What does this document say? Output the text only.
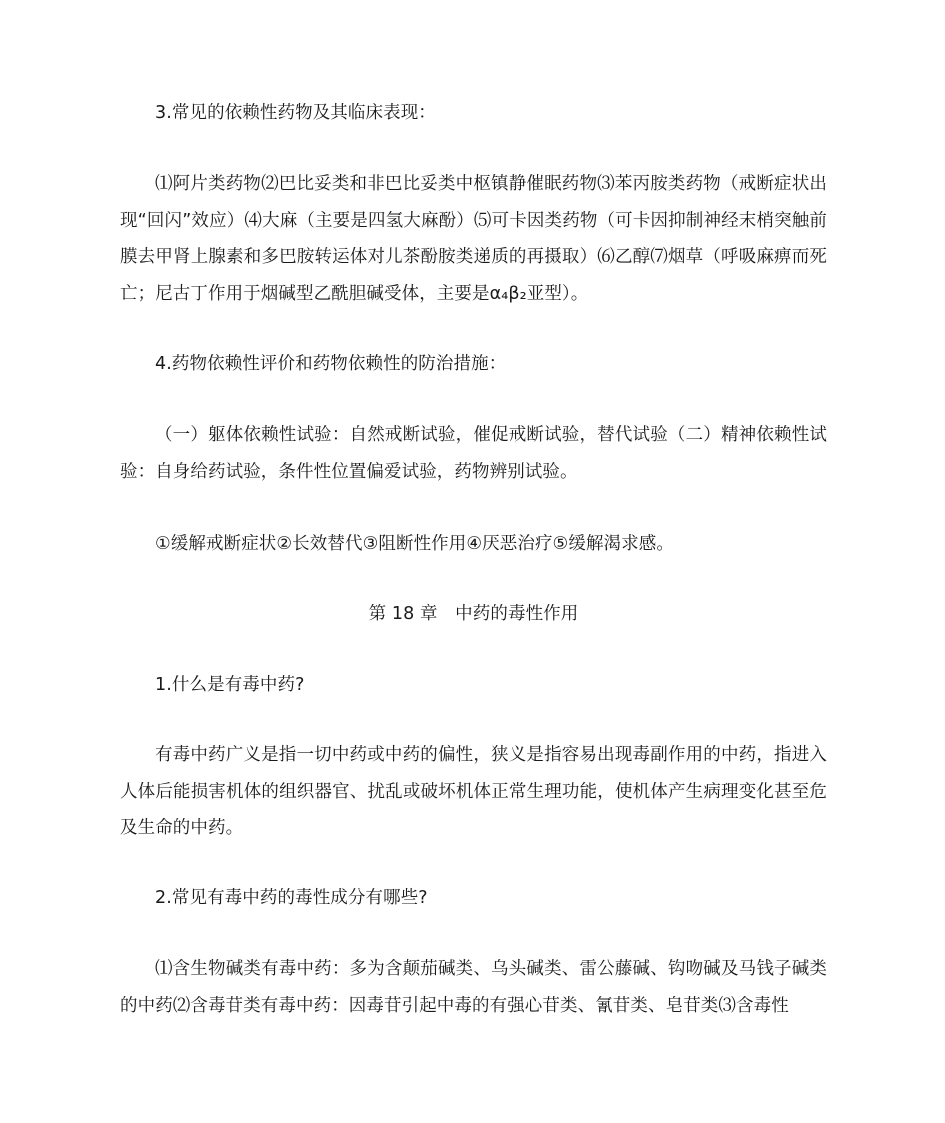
3.常见的依赖性药物及其临床表现：

⑴阿片类药物⑵巴比妥类和非巴比妥类中枢镇静催眠药物⑶苯丙胺类药物（戒断症状出现“回闪”效应）⑷大麻（主要是四氢大麻酚）⑸可卡因类药物（可卡因抑制神经末梢突触前膜去甲肾上腺素和多巴胺转运体对儿茶酚胺类递质的再摄取）⑹乙醇⑺烟草（呼吸麻痹而死亡；尼古丁作用于烟碱型乙酰胆碱受体，主要是α₄β₂亚型）。

4.药物依赖性评价和药物依赖性的防治措施：

（一）躯体依赖性试验：自然戒断试验，催促戒断试验，替代试验（二）精神依赖性试验：自身给药试验，条件性位置偏爱试验，药物辨别试验。

①缓解戒断症状②长效替代③阻断性作用④厌恶治疗⑤缓解渴求感。

第 18 章　中药的毒性作用

1.什么是有毒中药?

有毒中药广义是指一切中药或中药的偏性，狭义是指容易出现毒副作用的中药，指进入人体后能损害机体的组织器官、扰乱或破坏机体正常生理功能，使机体产生病理变化甚至危及生命的中药。

2.常见有毒中药的毒性成分有哪些?

⑴含生物碱类有毒中药：多为含颠茄碱类、乌头碱类、雷公藤碱、钩吻碱及马钱子碱类的中药⑵含毒苷类有毒中药：因毒苷引起中毒的有强心苷类、氰苷类、皂苷类⑶含毒性
